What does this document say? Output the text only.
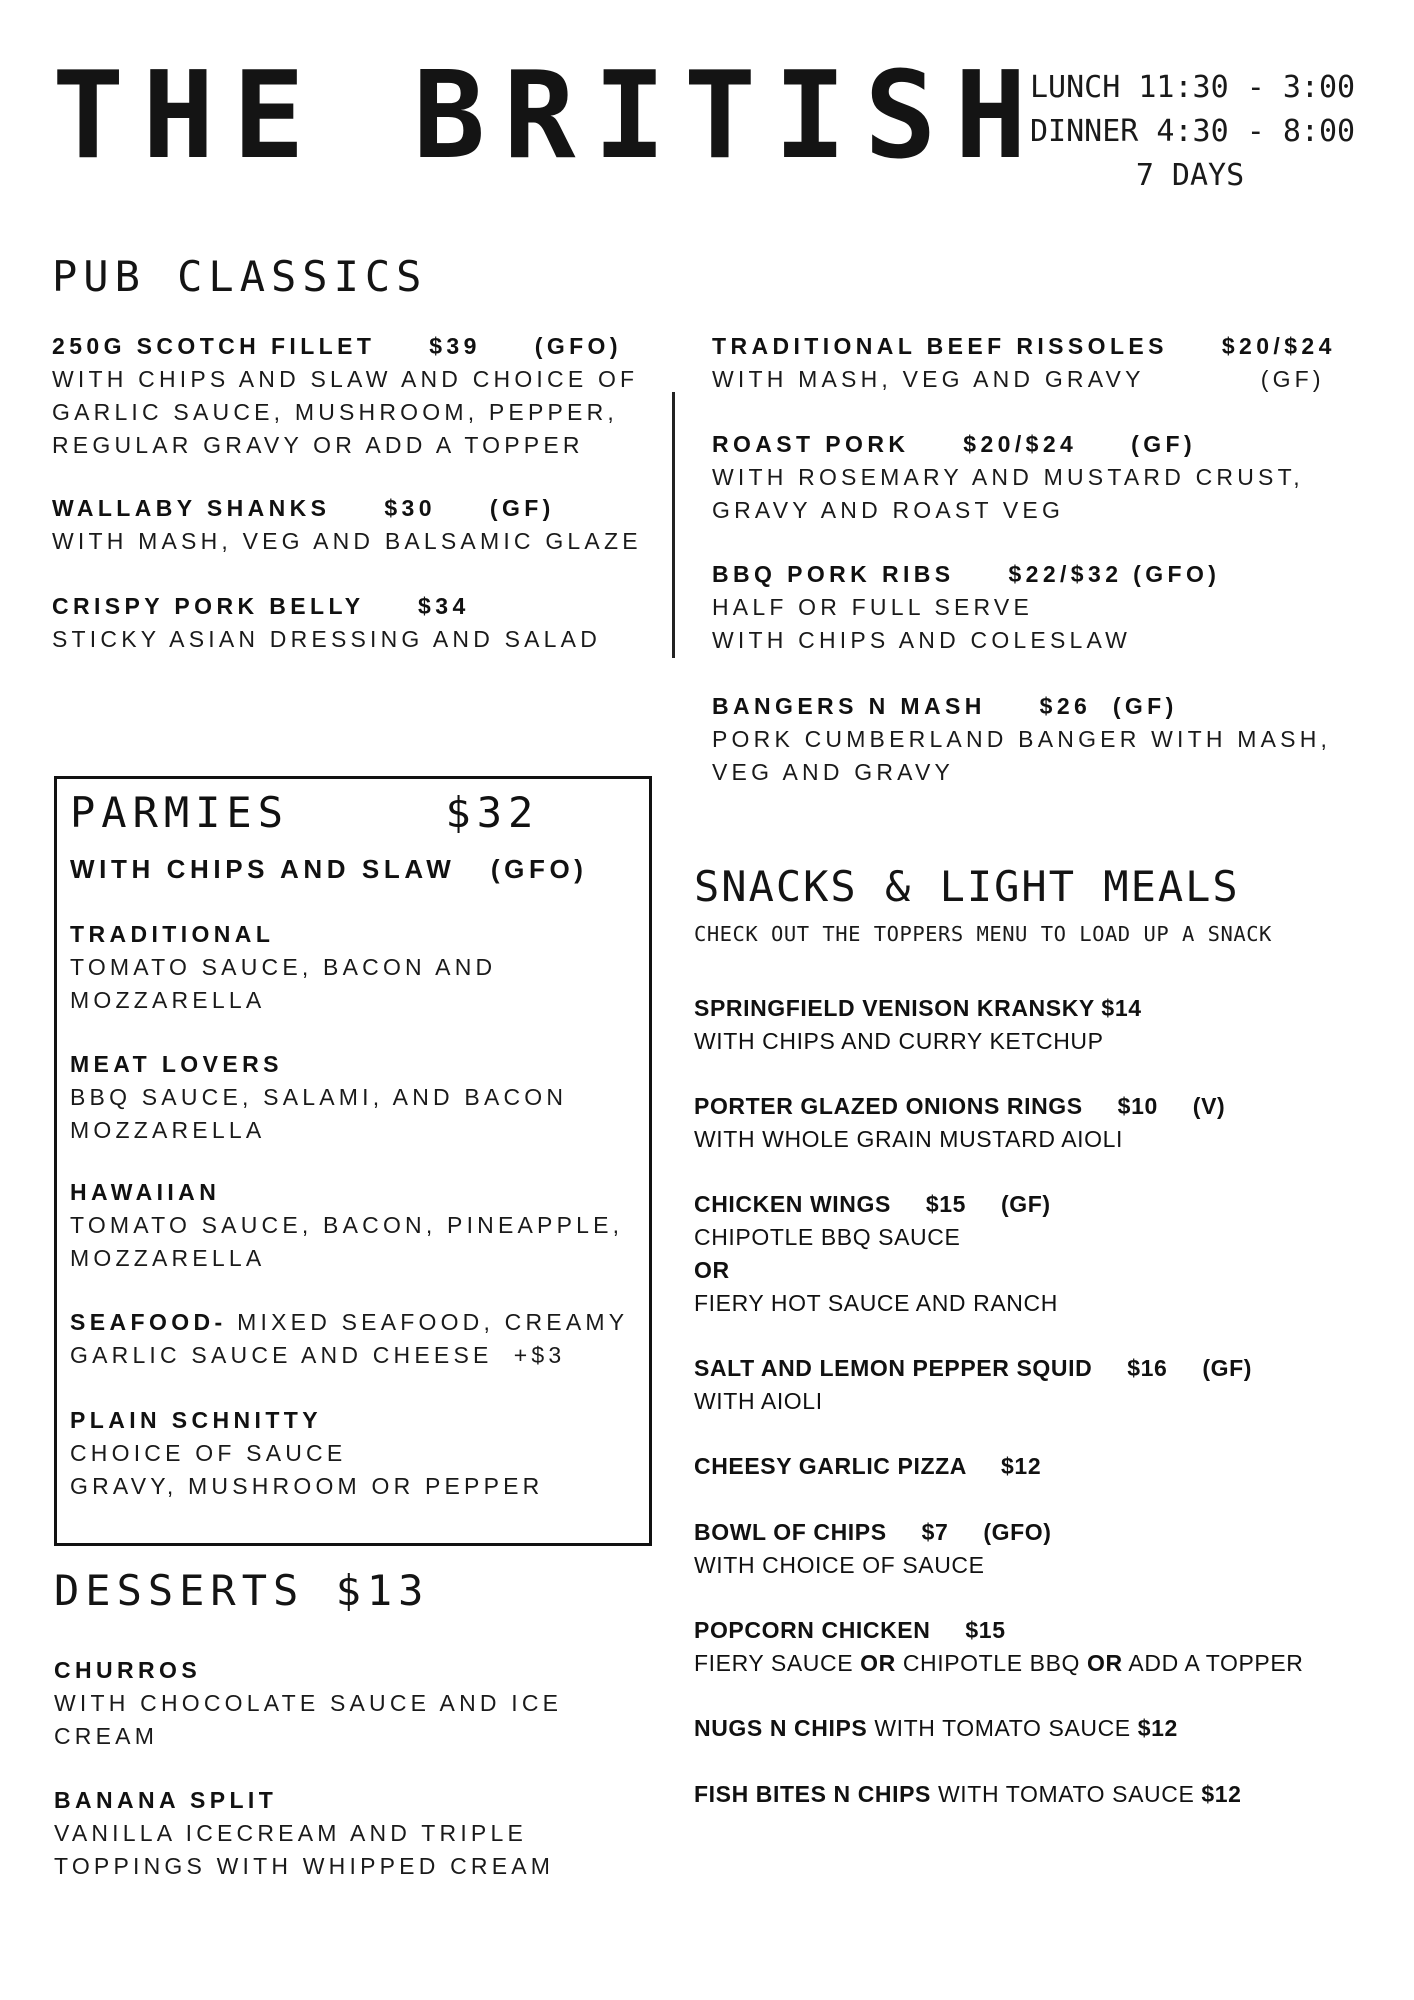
THE BRITISH
LUNCH 11:30 - 3:00
DINNER 4:30 - 8:00
7 DAYS
PUB CLASSICS
250G SCOTCH FILLET     $39     (GFO)
WITH CHIPS AND SLAW AND CHOICE OF
GARLIC SAUCE, MUSHROOM, PEPPER,
REGULAR GRAVY OR ADD A TOPPER
WALLABY SHANKS     $30     (GF)
WITH MASH, VEG AND BALSAMIC GLAZE
CRISPY PORK BELLY     $34
STICKY ASIAN DRESSING AND SALAD
TRADITIONAL BEEF RISSOLES     $20/$24
WITH MASH, VEG AND GRAVY           (GF)
ROAST PORK     $20/$24     (GF)
WITH ROSEMARY AND MUSTARD CRUST,
GRAVY AND ROAST VEG
BBQ PORK RIBS     $22/$32 (GFO)
HALF OR FULL SERVE
WITH CHIPS AND COLESLAW
BANGERS N MASH     $26  (GF)
PORK CUMBERLAND BANGER WITH MASH,
VEG AND GRAVY
PARMIES     $32
WITH CHIPS AND SLAW   (GFO)
TRADITIONAL
TOMATO SAUCE, BACON AND
MOZZARELLA
MEAT LOVERS
BBQ SAUCE, SALAMI, AND BACON
MOZZARELLA
HAWAIIAN
TOMATO SAUCE, BACON, PINEAPPLE,
MOZZARELLA
SEAFOOD- MIXED SEAFOOD, CREAMY
GARLIC SAUCE AND CHEESE  +$3
PLAIN SCHNITTY
CHOICE OF SAUCE
GRAVY, MUSHROOM OR PEPPER
DESSERTS $13
CHURROS
WITH CHOCOLATE SAUCE AND ICE
CREAM
BANANA SPLIT
VANILLA ICECREAM AND TRIPLE
TOPPINGS WITH WHIPPED CREAM
SNACKS & LIGHT MEALS
CHECK OUT THE TOPPERS MENU TO LOAD UP A SNACK
SPRINGFIELD VENISON KRANSKY $14
WITH CHIPS AND CURRY KETCHUP
PORTER GLAZED ONIONS RINGS     $10     (V)
WITH WHOLE GRAIN MUSTARD AIOLI
CHICKEN WINGS     $15     (GF)
CHIPOTLE BBQ SAUCE
OR
FIERY HOT SAUCE AND RANCH
SALT AND LEMON PEPPER SQUID     $16     (GF)
WITH AIOLI
CHEESY GARLIC PIZZA     $12
BOWL OF CHIPS     $7     (GFO)
WITH CHOICE OF SAUCE
POPCORN CHICKEN     $15
FIERY SAUCE OR CHIPOTLE BBQ OR ADD A TOPPER
NUGS N CHIPS WITH TOMATO SAUCE $12
FISH BITES N CHIPS WITH TOMATO SAUCE $12
